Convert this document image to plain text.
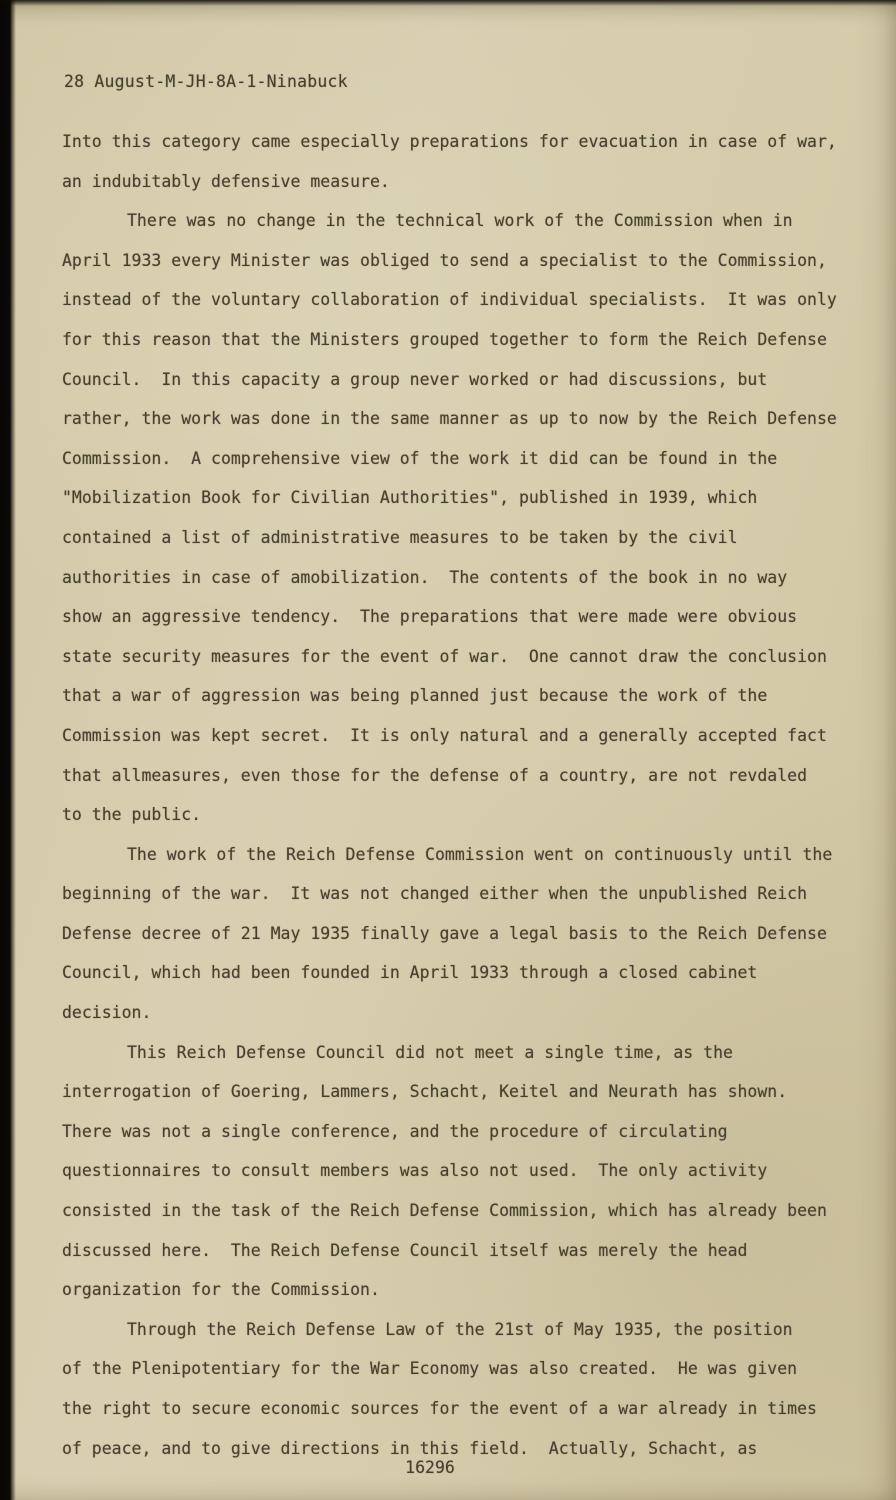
28 August-M-JH-8A-1-Ninabuck
Into this category came especially preparations for evacuation in case of war,
an indubitably defensive measure.
There was no change in the technical work of the Commission when in
April 1933 every Minister was obliged to send a specialist to the Commission,
instead of the voluntary collaboration of individual specialists.  It was only
for this reason that the Ministers grouped together to form the Reich Defense
Council.  In this capacity a group never worked or had discussions, but
rather, the work was done in the same manner as up to now by the Reich Defense
Commission.  A comprehensive view of the work it did can be found in the
"Mobilization Book for Civilian Authorities", published in 1939, which
contained a list of administrative measures to be taken by the civil
authorities in case of amobilization.  The contents of the book in no way
show an aggressive tendency.  The preparations that were made were obvious
state security measures for the event of war.  One cannot draw the conclusion
that a war of aggression was being planned just because the work of the
Commission was kept secret.  It is only natural and a generally accepted fact
that allmeasures, even those for the defense of a country, are not revdaled
to the public.
The work of the Reich Defense Commission went on continuously until the
beginning of the war.  It was not changed either when the unpublished Reich
Defense decree of 21 May 1935 finally gave a legal basis to the Reich Defense
Council, which had been founded in April 1933 through a closed cabinet
decision.
This Reich Defense Council did not meet a single time, as the
interrogation of Goering, Lammers, Schacht, Keitel and Neurath has shown.
There was not a single conference, and the procedure of circulating
questionnaires to consult members was also not used.  The only activity
consisted in the task of the Reich Defense Commission, which has already been
discussed here.  The Reich Defense Council itself was merely the head
organization for the Commission.
Through the Reich Defense Law of the 21st of May 1935, the position
of the Plenipotentiary for the War Economy was also created.  He was given
the right to secure economic sources for the event of a war already in times
of peace, and to give directions in this field.  Actually, Schacht, as
16296
